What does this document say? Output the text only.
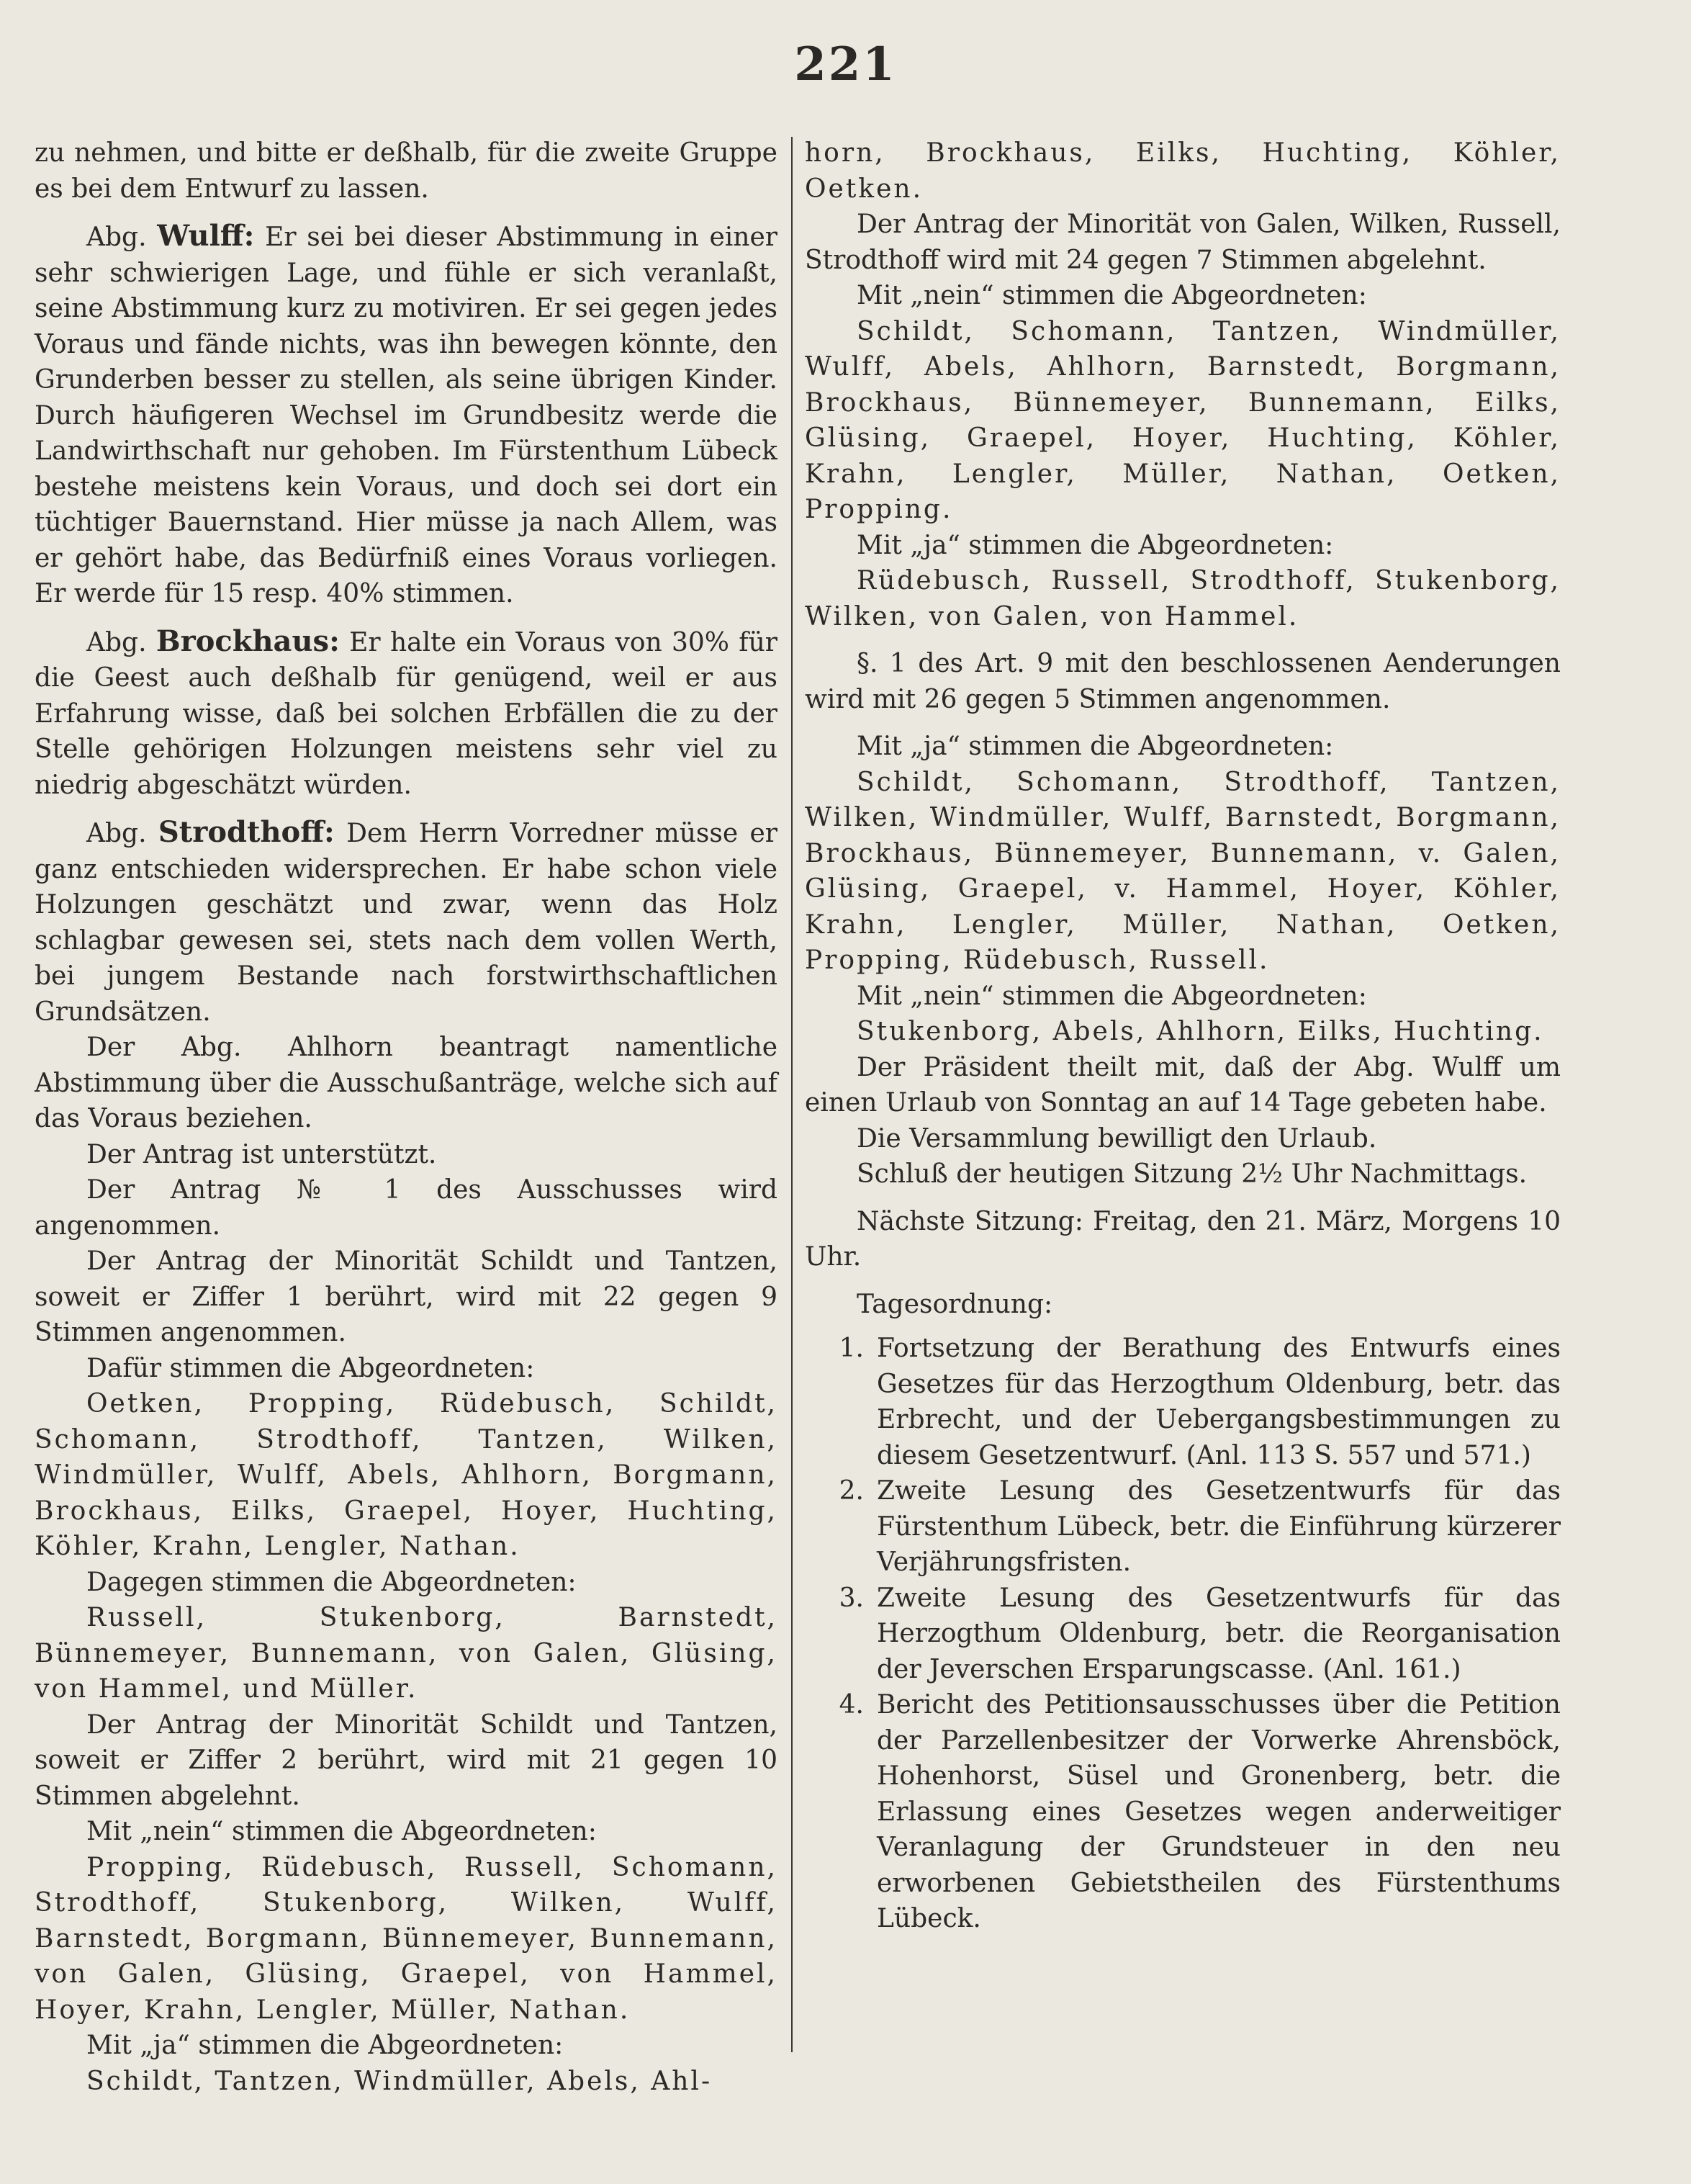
221

zu nehmen, und bitte er deßhalb, für die zweite Gruppe es bei dem Entwurf zu lassen.

Abg. Wulff: Er sei bei dieser Abstimmung in einer sehr schwierigen Lage, und fühle er sich veranlaßt, seine Abstimmung kurz zu motiviren. Er sei gegen jedes Voraus und fände nichts, was ihn bewegen könnte, den Grunderben besser zu stellen, als seine übrigen Kinder. Durch häufigeren Wechsel im Grundbesitz werde die Landwirthschaft nur gehoben. Im Fürstenthum Lübeck bestehe meistens kein Voraus, und doch sei dort ein tüchtiger Bauernstand. Hier müsse ja nach Allem, was er gehört habe, das Bedürfniß eines Voraus vorliegen. Er werde für 15 resp. 40% stimmen.

Abg. Brockhaus: Er halte ein Voraus von 30% für die Geest auch deßhalb für genügend, weil er aus Erfahrung wisse, daß bei solchen Erbfällen die zu der Stelle gehörigen Holzungen meistens sehr viel zu niedrig abgeschätzt würden.

Abg. Strodthoff: Dem Herrn Vorredner müsse er ganz entschieden widersprechen. Er habe schon viele Holzungen geschätzt und zwar, wenn das Holz schlagbar gewesen sei, stets nach dem vollen Werth, bei jungem Bestande nach forstwirthschaftlichen Grundsätzen.

Der Abg. Ahlhorn beantragt namentliche Abstimmung über die Ausschußanträge, welche sich auf das Voraus beziehen.

Der Antrag ist unterstützt.

Der Antrag № 1 des Ausschusses wird angenommen.

Der Antrag der Minorität Schildt und Tantzen, soweit er Ziffer 1 berührt, wird mit 22 gegen 9 Stimmen angenommen.

Dafür stimmen die Abgeordneten:

Oetken, Propping, Rüdebusch, Schildt, Schomann, Strodthoff, Tantzen, Wilken, Windmüller, Wulff, Abels, Ahlhorn, Borgmann, Brockhaus, Eilks, Graepel, Hoyer, Huchting, Köhler, Krahn, Lengler, Nathan.

Dagegen stimmen die Abgeordneten:

Russell, Stukenborg, Barnstedt, Bünnemeyer, Bunnemann, von Galen, Glüsing, von Hammel, und Müller.

Der Antrag der Minorität Schildt und Tantzen, soweit er Ziffer 2 berührt, wird mit 21 gegen 10 Stimmen abgelehnt.

Mit „nein“ stimmen die Abgeordneten:

Propping, Rüdebusch, Russell, Schomann, Strodthoff, Stukenborg, Wilken, Wulff, Barnstedt, Borgmann, Bünnemeyer, Bunnemann, von Galen, Glüsing, Graepel, von Hammel, Hoyer, Krahn, Lengler, Müller, Nathan.

Mit „ja“ stimmen die Abgeordneten:

Schildt, Tantzen, Windmüller, Abels, Ahl-

horn, Brockhaus, Eilks, Huchting, Köhler, Oetken.

Der Antrag der Minorität von Galen, Wilken, Russell, Strodthoff wird mit 24 gegen 7 Stimmen abgelehnt.

Mit „nein“ stimmen die Abgeordneten:

Schildt, Schomann, Tantzen, Windmüller, Wulff, Abels, Ahlhorn, Barnstedt, Borgmann, Brockhaus, Bünnemeyer, Bunnemann, Eilks, Glüsing, Graepel, Hoyer, Huchting, Köhler, Krahn, Lengler, Müller, Nathan, Oetken, Propping.

Mit „ja“ stimmen die Abgeordneten:

Rüdebusch, Russell, Strodthoff, Stukenborg, Wilken, von Galen, von Hammel.

§. 1 des Art. 9 mit den beschlossenen Aenderungen wird mit 26 gegen 5 Stimmen angenommen.

Mit „ja“ stimmen die Abgeordneten:

Schildt, Schomann, Strodthoff, Tantzen, Wilken, Windmüller, Wulff, Barnstedt, Borgmann, Brockhaus, Bünnemeyer, Bunnemann, v. Galen, Glüsing, Graepel, v. Hammel, Hoyer, Köhler, Krahn, Lengler, Müller, Nathan, Oetken, Propping, Rüdebusch, Russell.

Mit „nein“ stimmen die Abgeordneten:

Stukenborg, Abels, Ahlhorn, Eilks, Huchting.

Der Präsident theilt mit, daß der Abg. Wulff um einen Urlaub von Sonntag an auf 14 Tage gebeten habe.

Die Versammlung bewilligt den Urlaub.

Schluß der heutigen Sitzung 2½ Uhr Nachmittags.

Nächste Sitzung: Freitag, den 21. März, Morgens 10 Uhr.

Tagesordnung:

1. Fortsetzung der Berathung des Entwurfs eines Gesetzes für das Herzogthum Oldenburg, betr. das Erbrecht, und der Uebergangsbestimmungen zu diesem Gesetzentwurf. (Anl. 113 S. 557 und 571.)
2. Zweite Lesung des Gesetzentwurfs für das Fürstenthum Lübeck, betr. die Einführung kürzerer Verjährungsfristen.
3. Zweite Lesung des Gesetzentwurfs für das Herzogthum Oldenburg, betr. die Reorganisation der Jeverschen Ersparungscasse. (Anl. 161.)
4. Bericht des Petitionsausschusses über die Petition der Parzellenbesitzer der Vorwerke Ahrensböck, Hohenhorst, Süsel und Gronenberg, betr. die Erlassung eines Gesetzes wegen anderweitiger Veranlagung der Grundsteuer in den neu erworbenen Gebietstheilen des Fürstenthums Lübeck.
